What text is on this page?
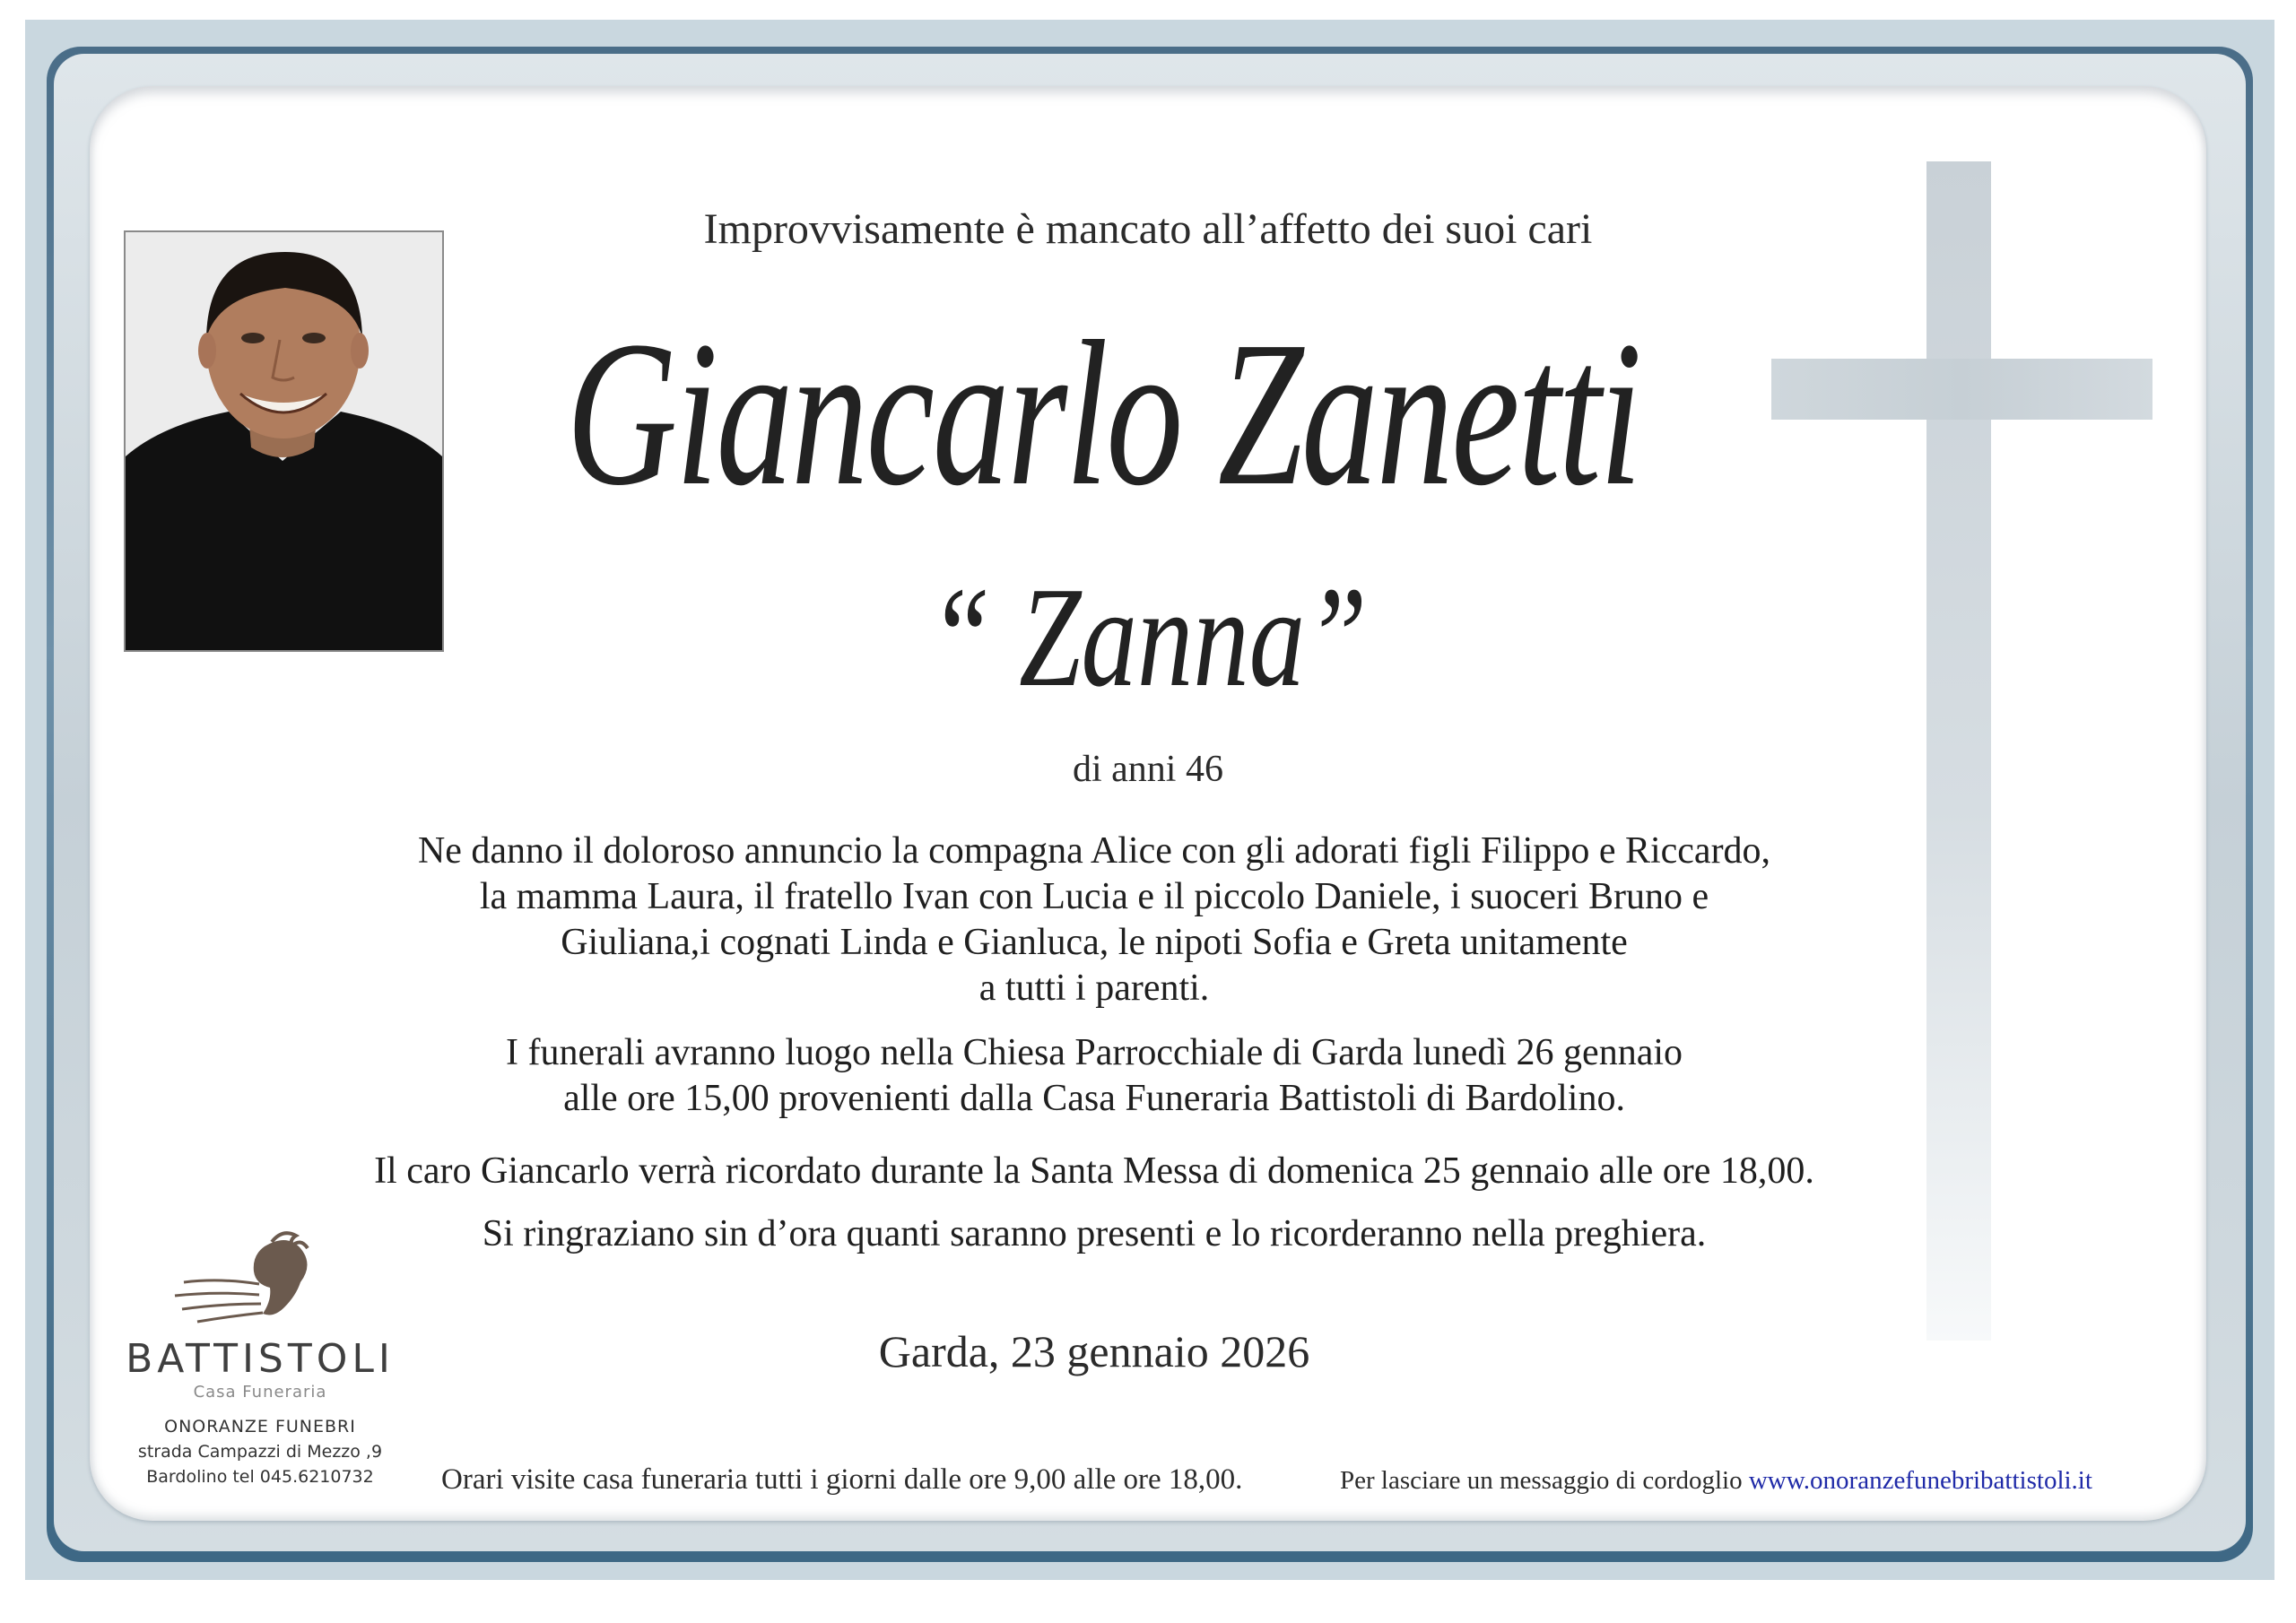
Improvvisamente è mancato all’affetto dei suoi cari
Giancarlo Zanetti
“ Zanna”
di anni 46
Ne danno il doloroso annuncio la compagna Alice con gli adorati figli Filippo e Riccardo,
la mamma Laura, il fratello Ivan con Lucia e il piccolo Daniele, i suoceri Bruno e
Giuliana,i cognati Linda e Gianluca, le nipoti Sofia e Greta unitamente
a tutti i parenti.
I funerali avranno luogo nella Chiesa Parrocchiale di Garda lunedì 26 gennaio
alle ore 15,00 provenienti dalla Casa Funeraria Battistoli di Bardolino.
Il caro Giancarlo verrà ricordato durante la Santa Messa di domenica 25 gennaio alle ore 18,00.
Si ringraziano sin d’ora quanti saranno presenti e lo ricorderanno nella preghiera.
Garda, 23 gennaio 2026
BATTISTOLI
Casa Funeraria
ONORANZE FUNEBRI
strada Campazzi di Mezzo ,9
Bardolino tel 045.6210732	Orari visite casa funeraria tutti i giorni dalle ore 9,00 alle ore 18,00.	Per lasciare un messaggio di cordoglio www.onoranzefunebribattistoli.it
